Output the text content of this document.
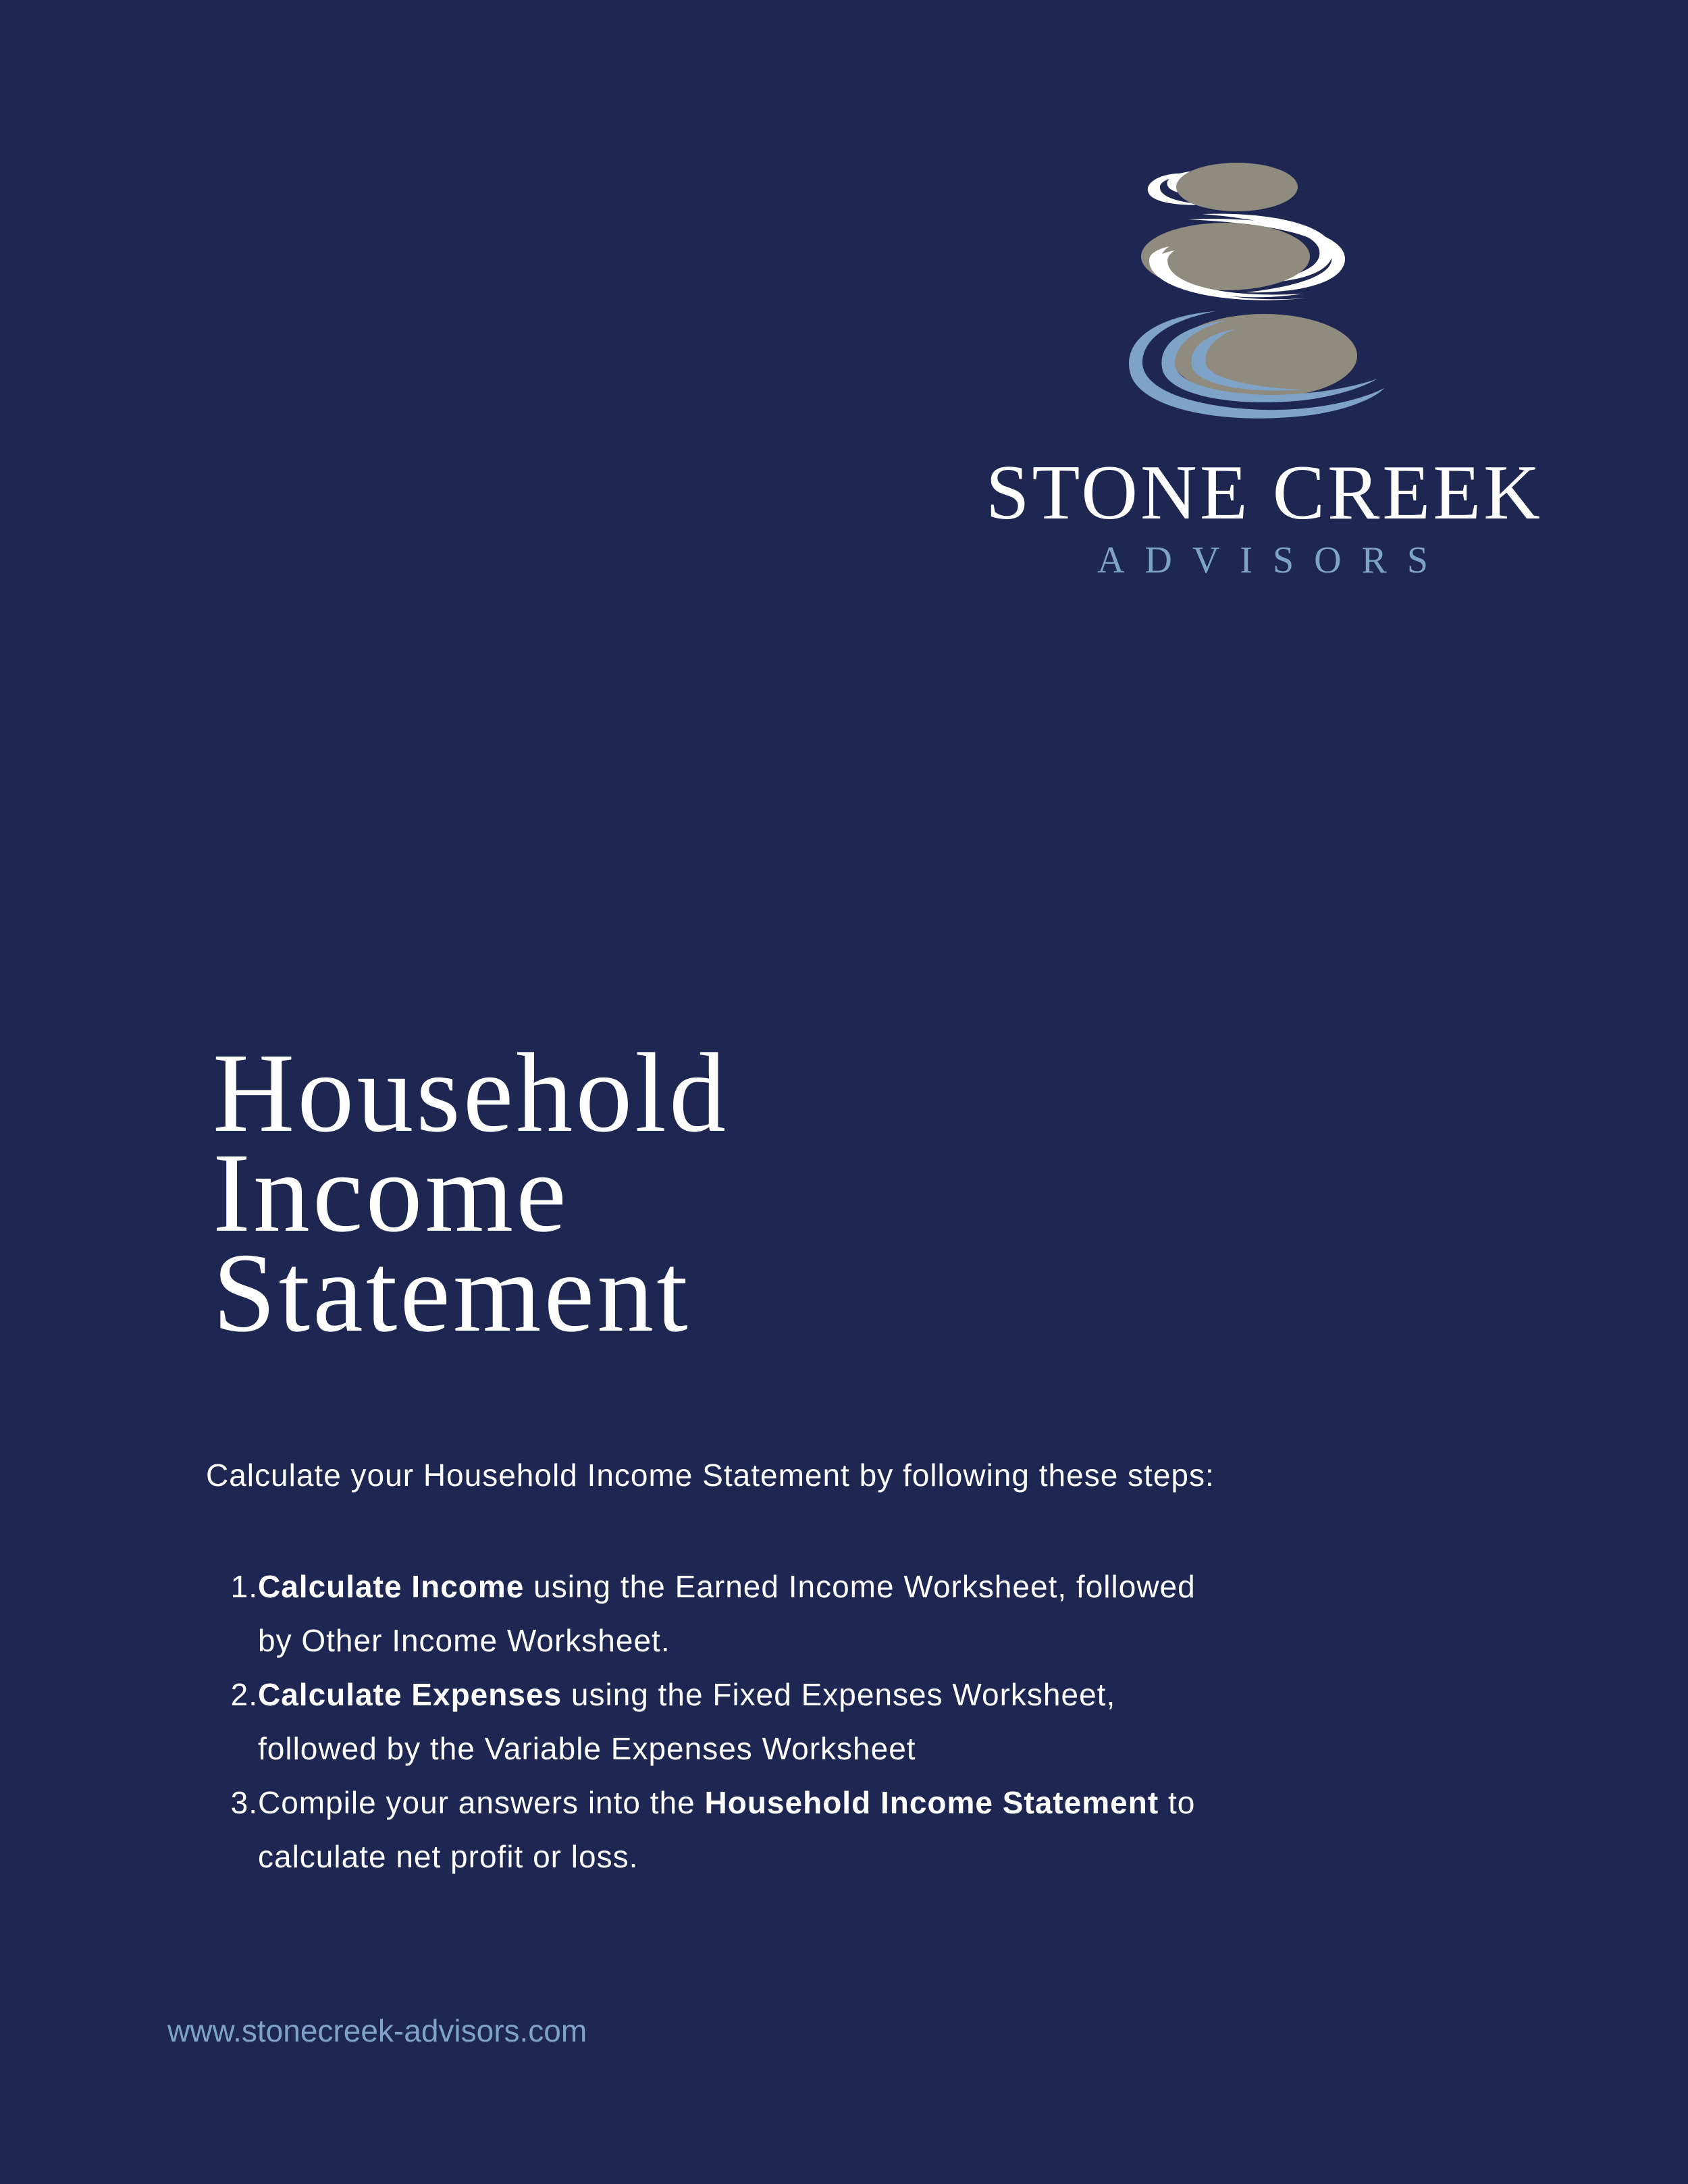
STONE CREEK
ADVISORS
Household
Income
Statement

Calculate your Household Income Statement by following these steps:

1. Calculate Income using the Earned Income Worksheet, followed by Other Income Worksheet.
2. Calculate Expenses using the Fixed Expenses Worksheet, followed by the Variable Expenses Worksheet
3. Compile your answers into the Household Income Statement to calculate net profit or loss.
www.stonecreek-advisors.com
